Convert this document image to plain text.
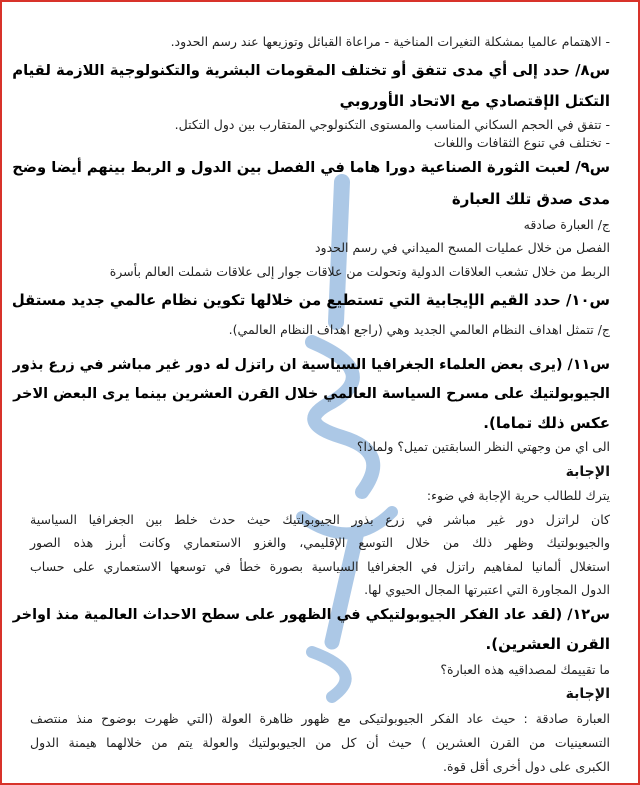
- الاهتمام عالميا بمشكلة التغيرات المناخية - مراعاة القبائل وتوزيعها عند رسم الحدود.
س٨/ حدد إلى أي مدى تتفق أو تختلف المقومات البشرية والتكنولوجية اللازمة لقيام
التكتل الإقتصادي مع الاتحاد الأوروبي
- تتفق في الحجم السكاني المناسب والمستوى التكنولوجي المتقارب بين دول التكتل.
- تختلف في تنوع الثقافات واللغات
س٩/ لعبت الثورة الصناعية دورا هاما في الفصل بين الدول و الربط بينهم أيضا وضح
مدى صدق تلك العبارة
ج/ العبارة صادقه
الفصل من خلال عمليات المسح الميداني في رسم الحدود
الربط من خلال تشعب العلاقات الدولية وتحولت من علاقات جوار إلى علاقات شملت العالم بأسرة
س١٠/ حدد القيم الإيجابية التي تستطيع من خلالها تكوين نظام عالمي جديد مستقل
ج/ تتمثل اهداف النظام العالمي الجديد وهي (راجع اهداف النظام العالمي).
س١١/ (يرى بعض العلماء الجغرافيا السياسية ان راتزل له دور غير مباشر في زرع بذور
الجيوبولتيك على مسرح السياسة العالمي خلال القرن العشرين بينما يرى البعض الاخر
عكس ذلك تماما).
الى اي من وجهتي النظر السابقتين تميل؟ ولماذا؟
الإجابة
يترك للطالب حرية الإجابة في ضوء:
كان لراتزل دور غير مباشر في زرع بذور الجيوبولتيك حيث حدث خلط بين الجغرافيا السياسية
والجيوبولتيك وظهر ذلك من خلال التوسع الإقليمي، والغزو الاستعماري وكانت أبرز هذه الصور
استغلال ألمانيا لمفاهيم راتزل في الجغرافيا السياسية بصورة خطأ في توسعها الاستعماري على حساب
الدول المجاورة التي اعتبرتها المجال الحيوي لها.
س١٢/ (لقد عاد الفكر الجيوبولتيكي في الظهور على سطح الاحداث العالمية منذ اواخر
القرن العشرين).
ما تقييمك لمصداقيه هذه العبارة؟
الإجابة
العبارة صادقة : حيث عاد الفكر الجيوبولتيكى مع ظهور ظاهرة العولة (التي ظهرت بوضوح منذ منتصف
التسعينيات من القرن العشرين ) حيث أن كل من الجيوبولتيك والعولة يتم من خلالهما هيمنة الدول
الكبرى على دول أخرى أقل قوة.
